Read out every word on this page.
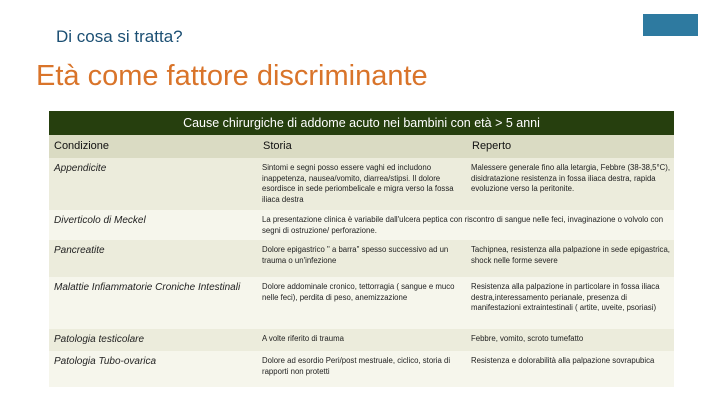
Di cosa si tratta?
Età come fattore discriminante
Cause chirurgiche di addome acuto nei bambini con età > 5 anni
Condizione	Storia	Reperto
Appendicite	Sintomi e segni posso essere vaghi ed includono inappetenza, nausea/vomito, diarrea/stipsi. Il dolore esordisce in sede periombelicale e migra verso la fossa iliaca destra	Malessere generale fino alla letargia, Febbre (38-38,5°C), disidratazione resistenza in fossa iliaca destra, rapida evoluzione verso la peritonite.
Diverticolo di Meckel	La presentazione clinica è variabile dall'ulcera peptica con riscontro di sangue nelle feci, invaginazione o volvolo con segni di ostruzione/ perforazione.	
Pancreatite	Dolore epigastrico " a barra" spesso successivo ad un trauma o un'infezione	Tachipnea, resistenza alla palpazione in sede epigastrica, shock nelle forme severe
Malattie Infiammatorie Croniche Intestinali	Dolore addominale cronico, tettorragia ( sangue e muco nelle feci), perdita di peso, anemizzazione	Resistenza alla palpazione in particolare in fossa iliaca destra,interessamento perianale, presenza di manifestazioni extraintestinali ( artite, uveite, psoriasi)
Patologia testicolare	A volte riferito di trauma	Febbre, vomito, scroto tumefatto
Patologia Tubo-ovarica	Dolore ad esordio Peri/post mestruale, ciclico, storia di rapporti non protetti	Resistenza e dolorabilità alla palpazione sovrapubica
